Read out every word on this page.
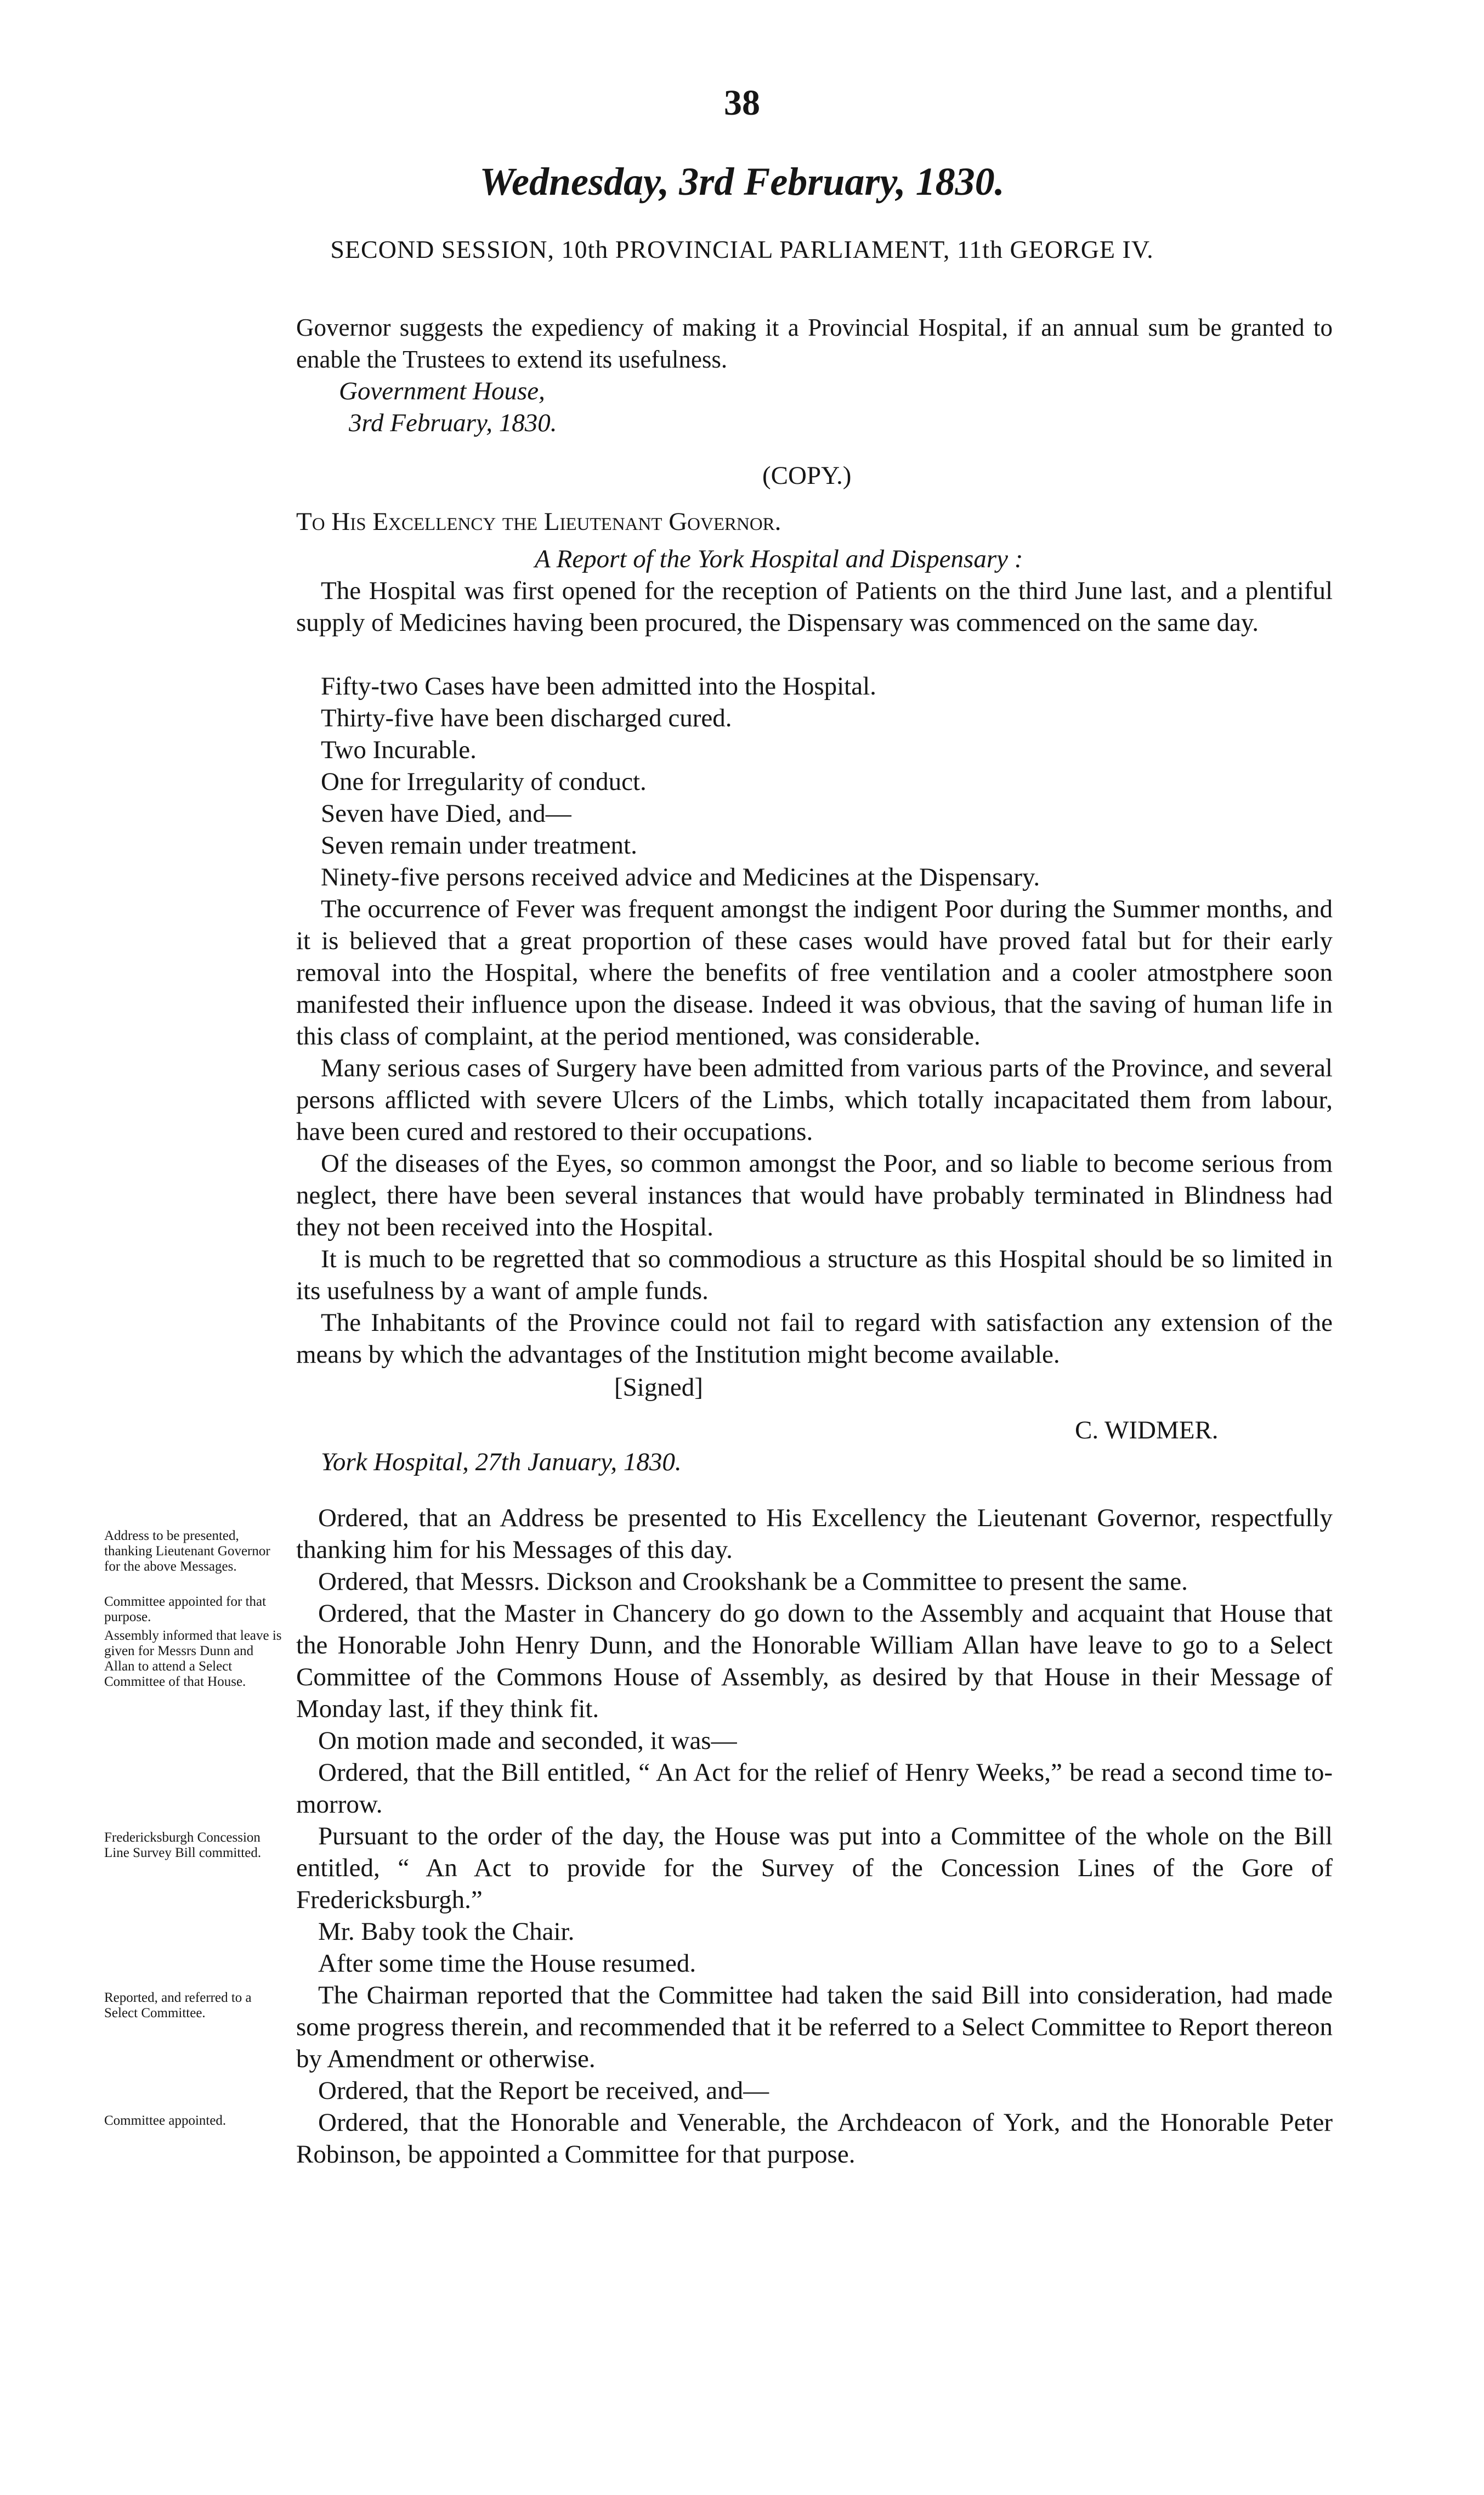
38
Wednesday, 3rd February, 1830.
SECOND SESSION, 10th PROVINCIAL PARLIAMENT, 11th GEORGE IV.
Governor suggests the expediency of making it a Provincial Hospital, if an annual sum be granted to enable the Trustees to extend its usefulness.
Government House,
3rd February, 1830.
(COPY.)
To His Excellency the Lieutenant Governor.
A Report of the York Hospital and Dispensary :
The Hospital was first opened for the reception of Patients on the third June last, and a plentiful supply of Medicines having been procured, the Dispensary was commenced on the same day.
Fifty-two Cases have been admitted into the Hospital.
Thirty-five have been discharged cured.
Two Incurable.
One for Irregularity of conduct.
Seven have Died, and—
Seven remain under treatment.
Ninety-five persons received advice and Medicines at the Dispensary.
The occurrence of Fever was frequent amongst the indigent Poor during the Summer months, and it is believed that a great proportion of these cases would have proved fatal but for their early removal into the Hospital, where the benefits of free ventilation and a cooler atmostphere soon manifested their influence upon the disease. Indeed it was obvious, that the saving of human life in this class of complaint, at the period mentioned, was considerable.
Many serious cases of Surgery have been admitted from various parts of the Province, and several persons afflicted with severe Ulcers of the Limbs, which totally incapacitated them from labour, have been cured and restored to their occupations.
Of the diseases of the Eyes, so common amongst the Poor, and so liable to become serious from neglect, there have been several instances that would have probably terminated in Blindness had they not been received into the Hospital.
It is much to be regretted that so commodious a structure as this Hospital should be so limited in its usefulness by a want of ample funds.
The Inhabitants of the Province could not fail to regard with satisfaction any extension of the means by which the advantages of the Institution might become available.
[Signed]
C. WIDMER.
York Hospital, 27th January, 1830.
Ordered, that an Address be presented to His Excellency the Lieutenant Governor, respectfully thanking him for his Messages of this day.
Ordered, that Messrs. Dickson and Crookshank be a Committee to present the same.
Ordered, that the Master in Chancery do go down to the Assembly and acquaint that House that the Honorable John Henry Dunn, and the Honorable William Allan have leave to go to a Select Committee of the Commons House of Assembly, as desired by that House in their Message of Monday last, if they think fit.
On motion made and seconded, it was—
Ordered, that the Bill entitled, “ An Act for the relief of Henry Weeks,” be read a second time to-morrow.
Pursuant to the order of the day, the House was put into a Committee of the whole on the Bill entitled, “ An Act to provide for the Survey of the Concession Lines of the Gore of Fredericksburgh.”
Mr. Baby took the Chair.
After some time the House resumed.
The Chairman reported that the Committee had taken the said Bill into consideration, had made some progress therein, and recommended that it be referred to a Select Committee to Report thereon by Amendment or otherwise.
Ordered, that the Report be received, and—
Ordered, that the Honorable and Venerable, the Archdeacon of York, and the Honorable Peter Robinson, be appointed a Committee for that purpose.
Address to be presented, thanking Lieutenant Governor for the above Messages.
Committee appointed for that purpose.
Assembly informed that leave is given for Messrs Dunn and Allan to attend a Select Committee of that House.
Fredericksburgh Concession Line Survey Bill committed.
Reported, and referred to a Select Committee.
Committee appointed.
